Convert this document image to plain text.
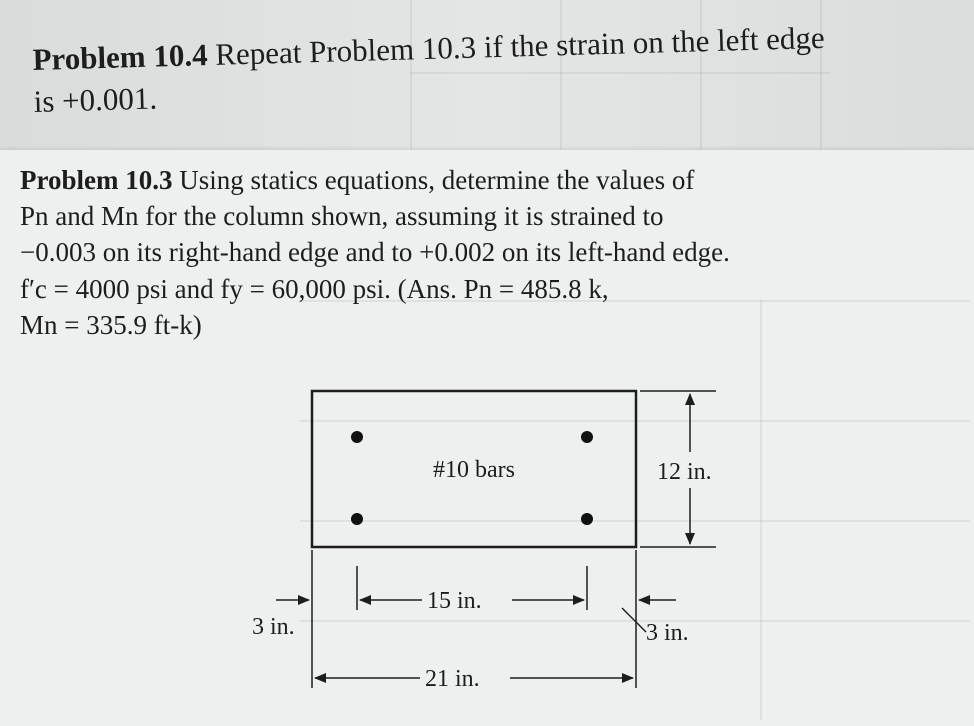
Problem 10.4 Repeat Problem 10.3 if the strain on the left edge
is +0.001.
Problem 10.3 Using statics equations, determine the values of
Pn and Mn for the column shown, assuming it is strained to
−0.003 on its right-hand edge and to +0.002 on its left-hand edge.
f′c = 4000 psi and fy = 60,000 psi. (Ans. Pn = 485.8 k,
Mn = 335.9 ft-k)
#10 bars	12 in.
15 in.
3 in.	3 in.
21 in.
